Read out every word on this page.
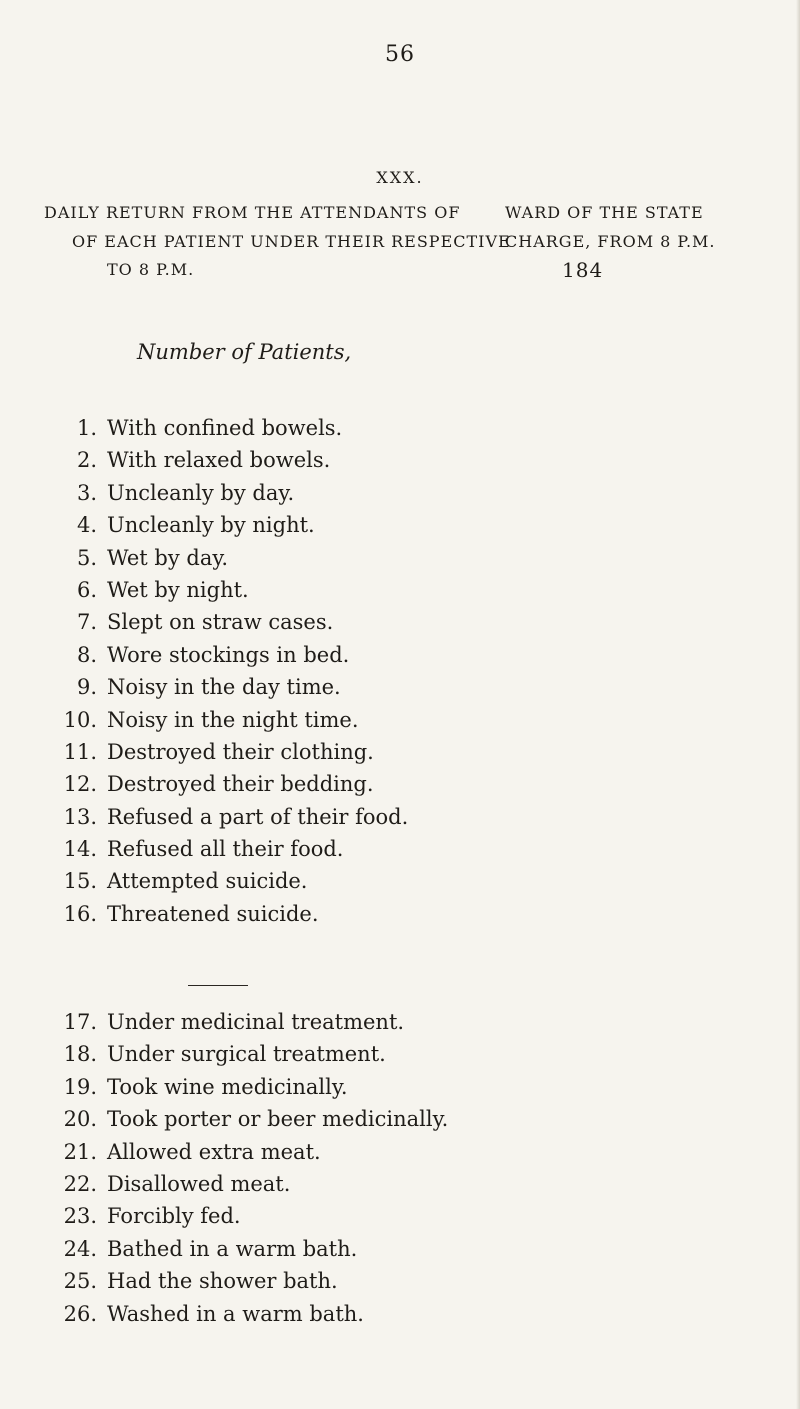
56
XXX.
DAILY RETURN FROM THE ATTENDANTS OF
OF EACH PATIENT UNDER THEIR RESPECTIVE
TO 8 P.M.
WARD OF THE STATE
CHARGE, FROM 8 P.M.
184
Number of Patients,
1. With confined bowels.
2. With relaxed bowels.
3. Uncleanly by day.
4. Uncleanly by night.
5. Wet by day.
6. Wet by night.
7. Slept on straw cases.
8. Wore stockings in bed.
9. Noisy in the day time.
10. Noisy in the night time.
11. Destroyed their clothing.
12. Destroyed their bedding.
13. Refused a part of their food.
14. Refused all their food.
15. Attempted suicide.
16. Threatened suicide.
17. Under medicinal treatment.
18. Under surgical treatment.
19. Took wine medicinally.
20. Took porter or beer medicinally.
21. Allowed extra meat.
22. Disallowed meat.
23. Forcibly fed.
24. Bathed in a warm bath.
25. Had the shower bath.
26. Washed in a warm bath.
